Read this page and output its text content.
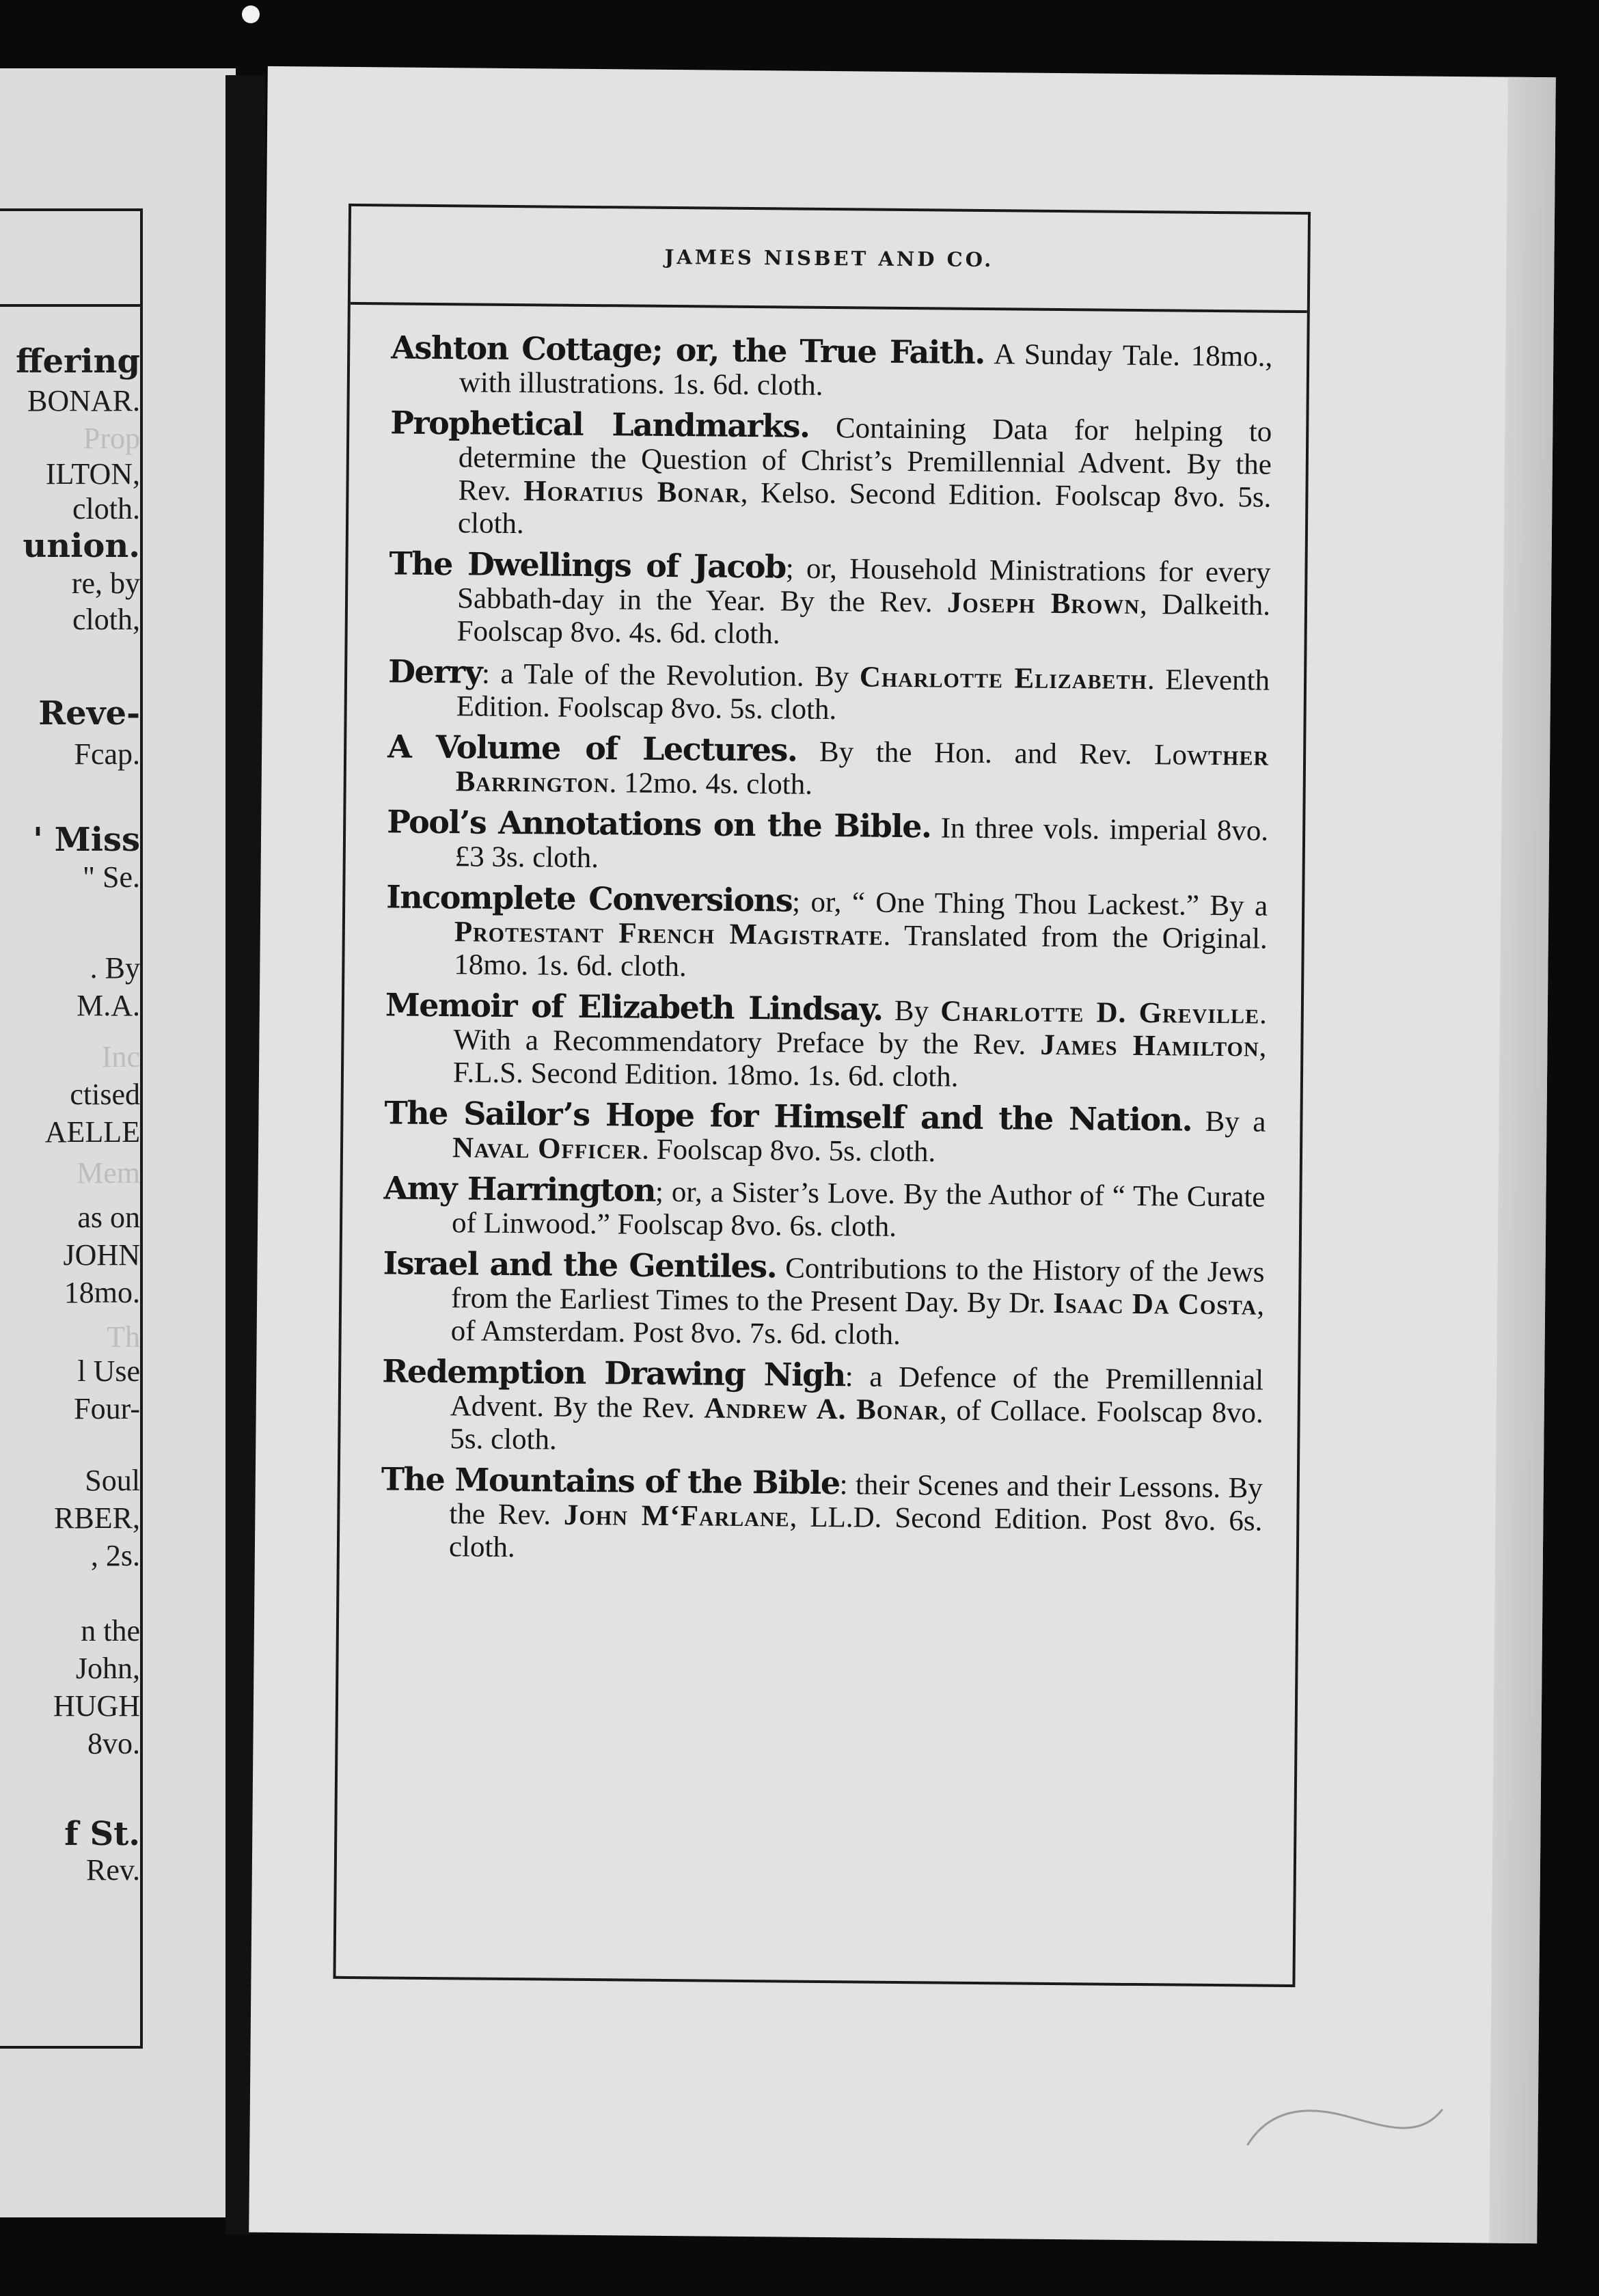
ffering
BONAR.
Prop
ILTON,
cloth.
union.
re, by
cloth,
Reve-
Fcap.
' Miss
" Se.
. By
M.A.
Inc
ctised
AELLE
Mem
as on
JOHN
18mo.
Th
l Use
Four-
Soul
RBER,
, 2s.
n the
John,
HUGH
8vo.
f St.
Rev.
JAMES NISBET AND CO.
Ashton Cottage; or, the True Faith. A Sunday Tale. 18mo., with illustrations. 1s. 6d. cloth.
Prophetical Landmarks. Containing Data for helping to determine the Question of Christ’s Premillennial Advent. By the Rev. Horatius Bonar, Kelso. Second Edition. Foolscap 8vo. 5s. cloth.
The Dwellings of Jacob; or, Household Ministrations for every Sabbath-day in the Year. By the Rev. Joseph Brown, Dalkeith. Foolscap 8vo. 4s. 6d. cloth.
Derry: a Tale of the Revolution. By Charlotte Elizabeth. Eleventh Edition. Foolscap 8vo. 5s. cloth.
A Volume of Lectures. By the Hon. and Rev. Lowther Barrington. 12mo. 4s. cloth.
Pool’s Annotations on the Bible. In three vols. imperial 8vo. £3 3s. cloth.
Incomplete Conversions; or, “ One Thing Thou Lackest.” By a Protestant French Magistrate. Translated from the Original. 18mo. 1s. 6d. cloth.
Memoir of Elizabeth Lindsay. By Charlotte D. Greville. With a Recommendatory Preface by the Rev. James Hamilton, F.L.S. Second Edition. 18mo. 1s. 6d. cloth.
The Sailor’s Hope for Himself and the Nation. By a Naval Officer. Foolscap 8vo. 5s. cloth.
Amy Harrington; or, a Sister’s Love. By the Author of “ The Curate of Linwood.” Foolscap 8vo. 6s. cloth.
Israel and the Gentiles. Contributions to the History of the Jews from the Earliest Times to the Present Day. By Dr. Isaac Da Costa, of Amsterdam. Post 8vo. 7s. 6d. cloth.
Redemption Drawing Nigh: a Defence of the Premillennial Advent. By the Rev. Andrew A. Bonar, of Collace. Foolscap 8vo. 5s. cloth.
The Mountains of the Bible: their Scenes and their Lessons. By the Rev. John M‘Farlane, LL.D. Second Edition. Post 8vo. 6s. cloth.
